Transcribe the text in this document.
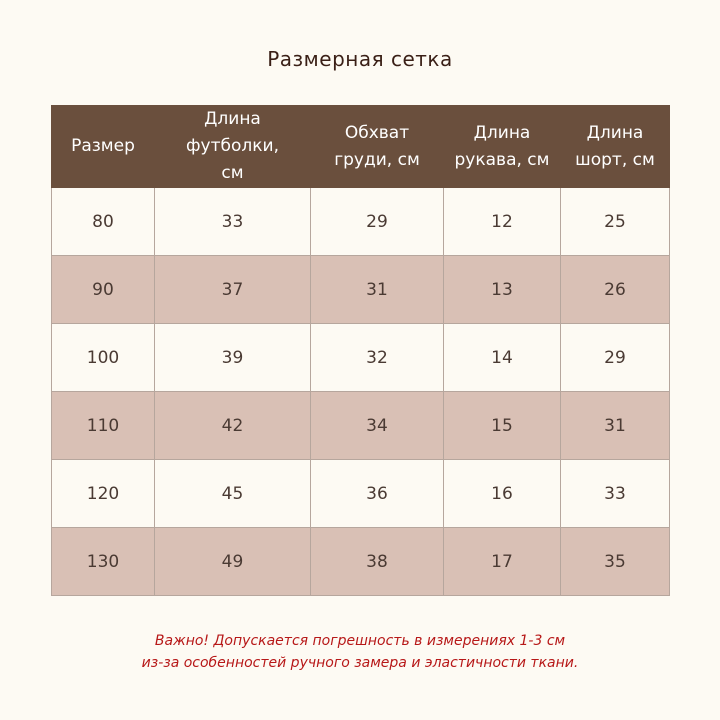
Размерная сетка
Размер	Длина футболки, см	Обхват груди, см	Длина рукава, см	Длина шорт, см
80	33	29	12	25
90	37	31	13	26
100	39	32	14	29
110	42	34	15	31
120	45	36	16	33
130	49	38	17	35
Важно! Допускается погрешность в измерениях 1-3 см
из-за особенностей ручного замера и эластичности ткани.
